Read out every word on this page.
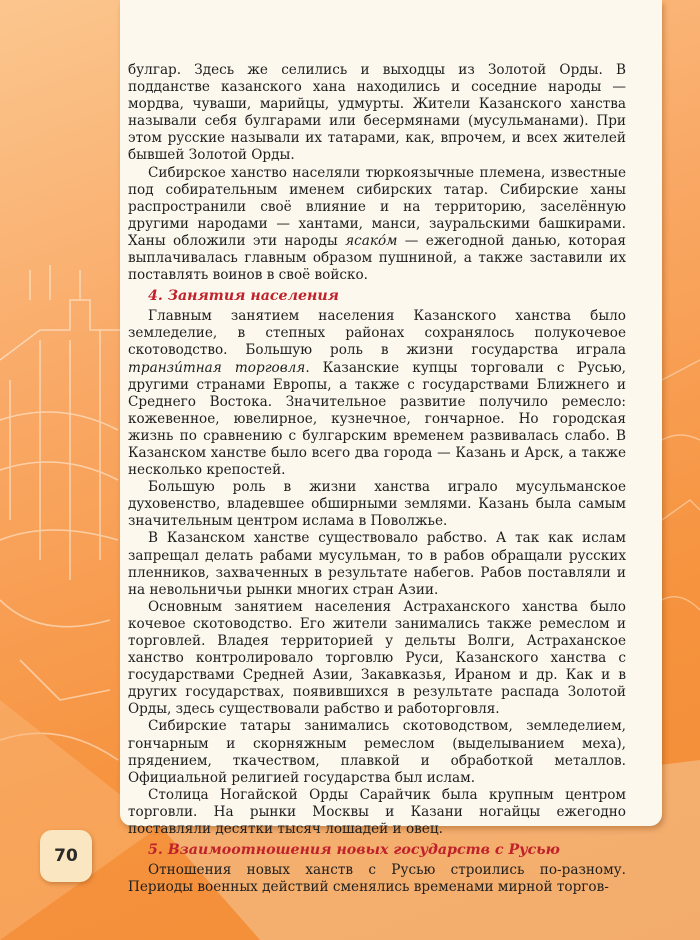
булгар. Здесь же селились и выходцы из Золотой Орды. В подданстве казанского хана находились и соседние народы — мордва, чуваши, марийцы, удмурты. Жители Казанского ханства называли себя булгарами или бесермянами (мусульманами). При этом русские называли их татарами, как, впрочем, и всех жителей бывшей Золотой Орды.

Сибирское ханство населяли тюркоязычные племена, известные под собирательным именем сибирских татар. Сибирские ханы распространили своё влияние и на территорию, заселённую другими народами — хантами, манси, зауральскими башкирами. Ханы обложили эти народы ясако́м — ежегодной данью, которая выплачивалась главным образом пушниной, а также заставили их поставлять воинов в своё войско.

4. Занятия населения

Главным занятием населения Казанского ханства было земледелие, в степных районах сохранялось полукочевое скотоводство. Большую роль в жизни государства играла транзи́тная торговля. Казанские купцы торговали с Русью, другими странами Европы, а также с государствами Ближнего и Среднего Востока. Значительное развитие получило ремесло: кожевенное, ювелирное, кузнечное, гончарное. Но городская жизнь по сравнению с булгарским временем развивалась слабо. В Казанском ханстве было всего два города — Казань и Арск, а также несколько крепостей.

Большую роль в жизни ханства играло мусульманское духовенство, владевшее обширными землями. Казань была самым значительным центром ислама в Поволжье.

В Казанском ханстве существовало рабство. А так как ислам запрещал делать рабами мусульман, то в рабов обращали русских пленников, захваченных в результате набегов. Рабов поставляли и на невольничьи рынки многих стран Азии.

Основным занятием населения Астраханского ханства было кочевое скотоводство. Его жители занимались также ремеслом и торговлей. Владея территорией у дельты Волги, Астраханское ханство контролировало торговлю Руси, Казанского ханства с государствами Средней Азии, Закавказья, Ираном и др. Как и в других государствах, появившихся в результате распада Золотой Орды, здесь существовали рабство и работорговля.

Сибирские татары занимались скотоводством, земледелием, гончарным и скорняжным ремеслом (выделыванием меха), прядением, ткачеством, плавкой и обработкой металлов. Официальной религией государства был ислам.

Столица Ногайской Орды Сарайчик была крупным центром торговли. На рынки Москвы и Казани ногайцы ежегодно поставляли десятки тысяч лошадей и овец.

5. Взаимоотношения новых государств с Русью

Отношения новых ханств с Русью строились по-разному. Периоды военных действий сменялись временами мирной торгов-

70
